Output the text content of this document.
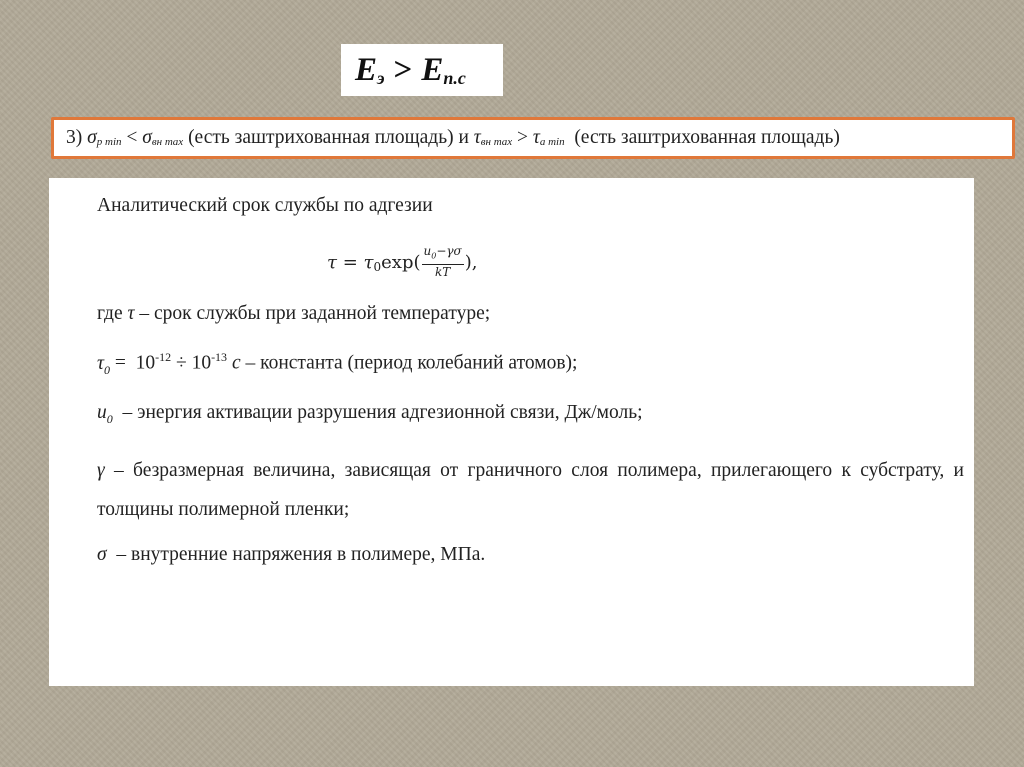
E э > E п.с
3)
σ p min
<
σ вн max
(есть заштрихованная площадь) и
τ вн max
>
τ a min
(есть заштрихованная площадь)

Аналитический срок службы по адгезии

τ
=
τ 0 $\exp( \frac{u_0-\gamma\sigma}{kT}$ ),

где τ – срок службы при заданной температуре;

$\tau_0 = 10^{-12} \div 10^{-13}$ c – константа (период колебаний атомов);

$u_0$ – энергия активации разрушения адгезионной связи, Дж/моль;

γ – безразмерная величина, зависящая от граничного слоя полимера, прилегающего к субстрату, и толщины полимерной пленки;

σ – внутренние напряжения в полимере, МПа.
